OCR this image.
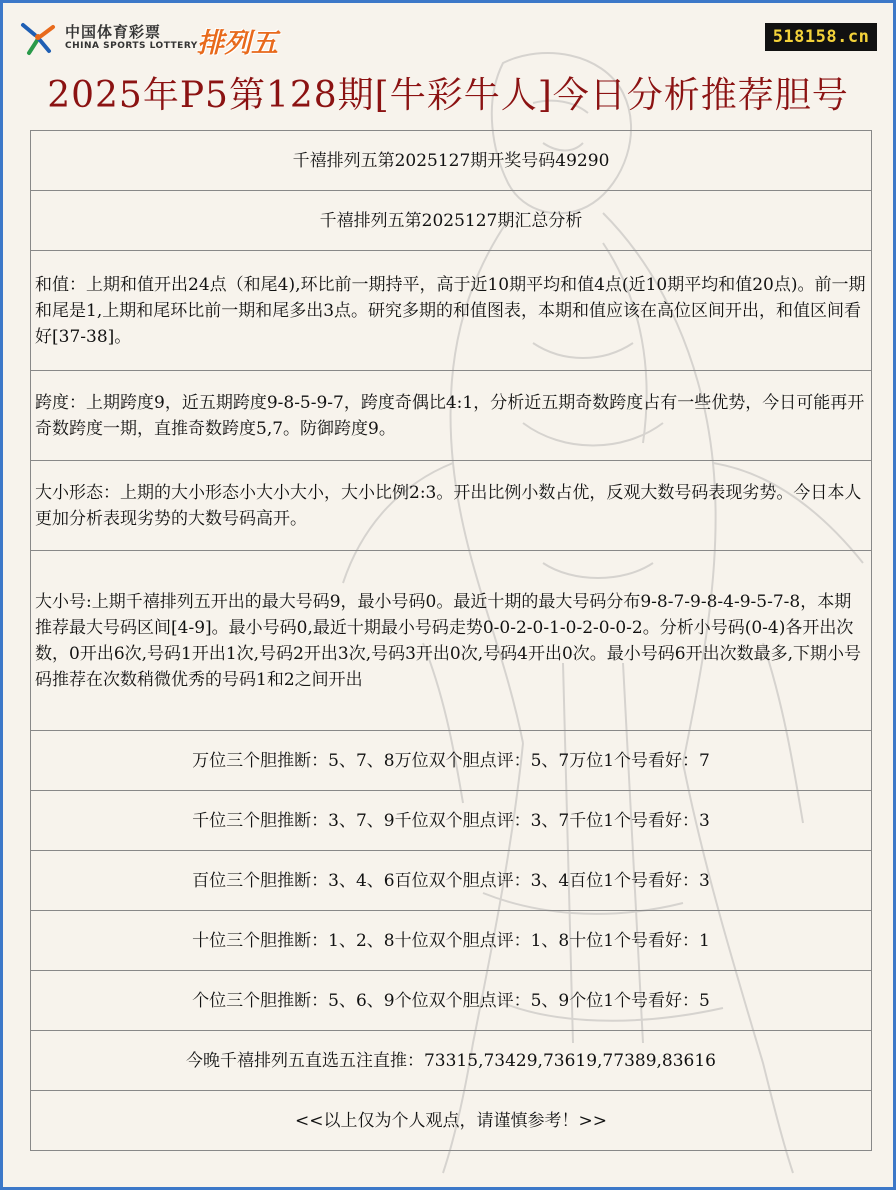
中国体育彩票
CHINA SPORTS LOTTERY 排列五	518158.cn
2025年P5第128期[牛彩牛人]今日分析推荐胆号
千禧排列五第2025127期开奖号码49290
千禧排列五第2025127期汇总分析
和值：上期和值开出24点（和尾4),环比前一期持平，高于近10期平均和值4点(近10期平均和值20点)。前一期和尾是1,上期和尾环比前一期和尾多出3点。研究多期的和值图表，本期和值应该在高位区间开出，和值区间看好[37-38]。
跨度：上期跨度9，近五期跨度9-8-5-9-7，跨度奇偶比4:1，分析近五期奇数跨度占有一些优势，今日可能再开奇数跨度一期，直推奇数跨度5,7。防御跨度9。
大小形态：上期的大小形态小大小大小，大小比例2:3。开出比例小数占优，反观大数号码表现劣势。今日本人更加分析表现劣势的大数号码高开。
大小号:上期千禧排列五开出的最大号码9，最小号码0。最近十期的最大号码分布9-8-7-9-8-4-9-5-7-8，本期推荐最大号码区间[4-9]。最小号码0,最近十期最小号码走势0-0-2-0-1-0-2-0-0-2。分析小号码(0-4)各开出次数，0开出6次,号码1开出1次,号码2开出3次,号码3开出0次,号码4开出0次。最小号码6开出次数最多,下期小号码推荐在次数稍微优秀的号码1和2之间开出
万位三个胆推断：5、7、8万位双个胆点评：5、7万位1个号看好：7
千位三个胆推断：3、7、9千位双个胆点评：3、7千位1个号看好：3
百位三个胆推断：3、4、6百位双个胆点评：3、4百位1个号看好：3
十位三个胆推断：1、2、8十位双个胆点评：1、8十位1个号看好：1
个位三个胆推断：5、6、9个位双个胆点评：5、9个位1个号看好：5
今晚千禧排列五直选五注直推：73315,73429,73619,77389,83616
<<以上仅为个人观点，请谨慎参考！>>
